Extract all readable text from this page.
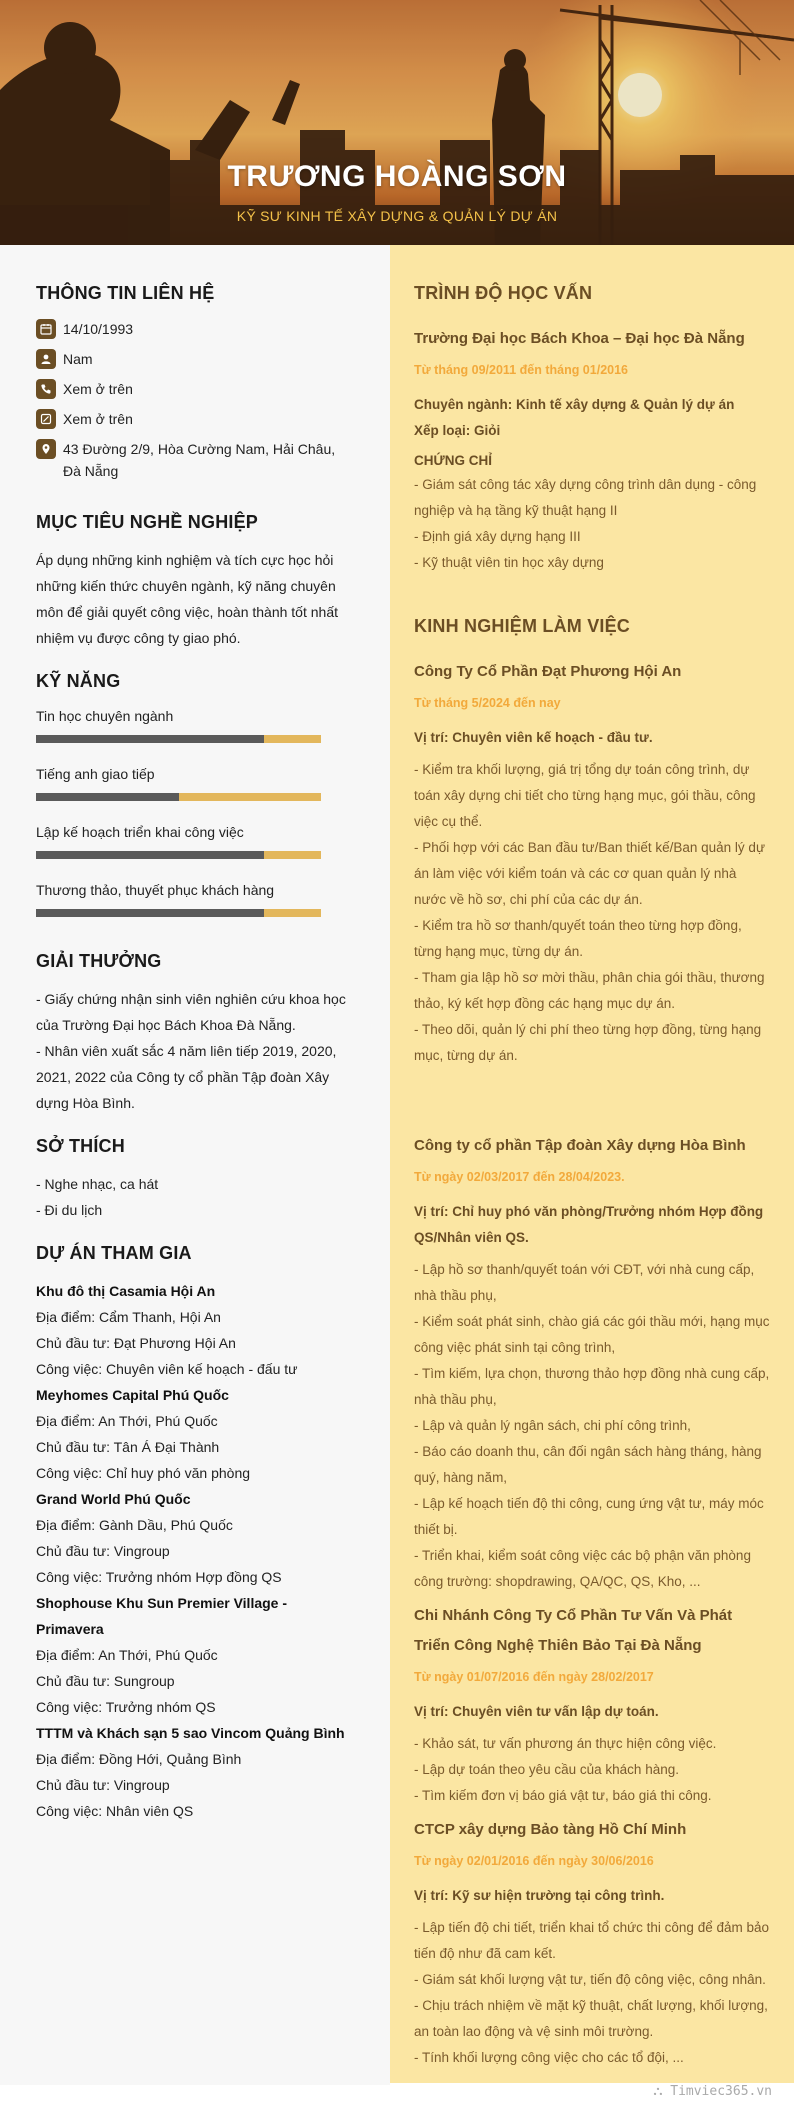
TRƯƠNG HOÀNG SƠN
KỸ SƯ KINH TẾ XÂY DỰNG & QUẢN LÝ DỰ ÁN
THÔNG TIN LIÊN HỆ
14/10/1993
Nam
Xem ở trên
Xem ở trên
43 Đường 2/9, Hòa Cường Nam, Hải Châu, Đà Nẵng
MỤC TIÊU NGHỀ NGHIỆP

Áp dụng những kinh nghiệm và tích cực học hỏi những kiến thức chuyên ngành, kỹ năng chuyên môn để giải quyết công việc, hoàn thành tốt nhất nhiệm vụ được công ty giao phó.

KỸ NĂNG
Tin học chuyên ngành
Tiếng anh giao tiếp
Lập kế hoạch triển khai công việc
Thương thảo, thuyết phục khách hàng
GIẢI THƯỞNG

- Giấy chứng nhận sinh viên nghiên cứu khoa học của Trường Đại học Bách Khoa Đà Nẵng.

- Nhân viên xuất sắc 4 năm liên tiếp 2019, 2020, 2021, 2022 của Công ty cổ phần Tập đoàn Xây dựng Hòa Bình.

SỞ THÍCH

- Nghe nhạc, ca hát

- Đi du lịch

DỰ ÁN THAM GIA
Khu đô thị Casamia Hội An
Địa điểm: Cẩm Thanh, Hội An
Chủ đầu tư: Đạt Phương Hội An
Công việc: Chuyên viên kế hoạch - đấu tư
Meyhomes Capital Phú Quốc
Địa điểm: An Thới, Phú Quốc
Chủ đầu tư: Tân Á Đại Thành
Công việc: Chỉ huy phó văn phòng
Grand World Phú Quốc
Địa điểm: Gành Dầu, Phú Quốc
Chủ đầu tư: Vingroup
Công việc: Trưởng nhóm Hợp đồng QS
Shophouse Khu Sun Premier Village - Primavera
Địa điểm: An Thới, Phú Quốc
Chủ đầu tư: Sungroup
Công việc: Trưởng nhóm QS
TTTM và Khách sạn 5 sao Vincom Quảng Bình
Địa điểm: Đồng Hới, Quảng Bình
Chủ đầu tư: Vingroup
Công việc: Nhân viên QS
TRÌNH ĐỘ HỌC VẤN
Trường Đại học Bách Khoa – Đại học Đà Nẵng
Từ tháng 09/2011 đến tháng 01/2016
Chuyên ngành: Kinh tế xây dựng & Quản lý dự án
Xếp loại: Giỏi
CHỨNG CHỈ
- Giám sát công tác xây dựng công trình dân dụng - công nghiệp và hạ tầng kỹ thuật hạng II
- Định giá xây dựng hạng III
- Kỹ thuật viên tin học xây dựng
KINH NGHIỆM LÀM VIỆC
Công Ty Cổ Phần Đạt Phương Hội An
Từ tháng 5/2024 đến nay
Vị trí: Chuyên viên kế hoạch - đầu tư.
- Kiểm tra khối lượng, giá trị tổng dự toán công trình, dự toán xây dựng chi tiết cho từng hạng mục, gói thầu, công việc cụ thể.
- Phối hợp với các Ban đầu tư/Ban thiết kế/Ban quản lý dự án làm việc với kiểm toán và các cơ quan quản lý nhà nước về hồ sơ, chi phí của các dự án.
- Kiểm tra hồ sơ thanh/quyết toán theo từng hợp đồng, từng hạng mục, từng dự án.
- Tham gia lập hồ sơ mời thầu, phân chia gói thầu, thương thảo, ký kết hợp đồng các hạng mục dự án.
- Theo dõi, quản lý chi phí theo từng hợp đồng, từng hạng mục, từng dự án.
Công ty cổ phần Tập đoàn Xây dựng Hòa Bình
Từ ngày 02/03/2017 đến 28/04/2023.
Vị trí: Chỉ huy phó văn phòng/Trưởng nhóm Hợp đồng QS/Nhân viên QS.
- Lập hồ sơ thanh/quyết toán với CĐT, với nhà cung cấp, nhà thầu phụ,
- Kiểm soát phát sinh, chào giá các gói thầu mới, hạng mục công việc phát sinh tại công trình,
- Tìm kiếm, lựa chọn, thương thảo hợp đồng nhà cung cấp, nhà thầu phụ,
- Lập và quản lý ngân sách, chi phí công trình,
- Báo cáo doanh thu, cân đối ngân sách hàng tháng, hàng quý, hàng năm,
- Lập kế hoạch tiến độ thi công, cung ứng vật tư, máy móc thiết bị.
- Triển khai, kiểm soát công việc các bộ phận văn phòng công trường: shopdrawing, QA/QC, QS, Kho, ...
Chi Nhánh Công Ty Cổ Phần Tư Vấn Và Phát Triển Công Nghệ Thiên Bảo Tại Đà Nẵng
Từ ngày 01/07/2016 đến ngày 28/02/2017
Vị trí: Chuyên viên tư vấn lập dự toán.
- Khảo sát, tư vấn phương án thực hiện công việc.
- Lập dự toán theo yêu cầu của khách hàng.
- Tìm kiếm đơn vị báo giá vật tư, báo giá thi công.
CTCP xây dựng Bảo tàng Hồ Chí Minh
Từ ngày 02/01/2016 đến ngày 30/06/2016
Vị trí: Kỹ sư hiện trường tại công trình.
- Lập tiến độ chi tiết, triển khai tổ chức thi công để đảm bảo tiến độ như đã cam kết.
- Giám sát khối lượng vật tư, tiến độ công việc, công nhân.
- Chịu trách nhiệm về mặt kỹ thuật, chất lượng, khối lượng, an toàn lao động và vệ sinh môi trường.
- Tính khối lượng công việc cho các tổ đội, ...
⛬ Timviec365.vn
